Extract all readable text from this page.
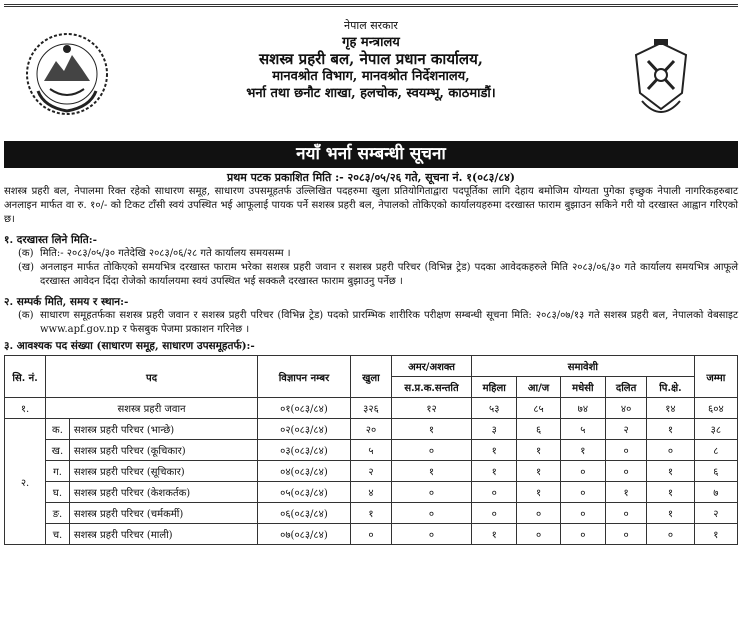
नेपाल सरकार
गृह मन्त्रालय
सशस्त्र प्रहरी बल, नेपाल प्रधान कार्यालय,
मानवश्रोत विभाग, मानवश्रोत निर्देशनालय,
भर्ना तथा छनौट शाखा, हलचोक, स्वयम्भू, काठमाडौं।
नयाँ भर्ना सम्बन्धी सूचना
प्रथम पटक प्रकाशित मिति :- २०८३/०५/२६ गते, सूचना नं. १(०८३/८४)

सशस्त्र प्रहरी बल, नेपालमा रिक्त रहेको साधारण समूह, साधारण उपसमूहतर्फ उल्लिखित पदहरुमा खुला प्रतियोगिताद्वारा पदपूर्तिका लागि देहाय बमोजिम योग्यता पुगेका इच्छुक नेपाली नागरिकहरुबाट अनलाइन मार्फत वा रु. १०/- को टिकट टाँसी स्वयं उपस्थित भई आफूलाई पायक पर्ने सशस्त्र प्रहरी बल, नेपालको तोकिएको कार्यालयहरुमा दरखास्त फाराम बुझाउन सकिने गरी यो दरखास्त आह्वान गरिएको छ।

१. दरखास्त लिने मिति:-
(क) मिति:- २०८३/०५/३० गतेदेखि २०८३/०६/२८ गते कार्यालय समयसम्म ।
(ख) अनलाइन मार्फत तोकिएको समयभित्र दरखास्त फाराम भरेका सशस्त्र प्रहरी जवान र सशस्त्र प्रहरी परिचर (विभिन्न ट्रेड) पदका आवेदकहरुले मिति २०८३/०६/३० गते कार्यालय समयभित्र आफूले दरखास्त आवेदन दिंदा रोजेको कार्यालयमा स्वयं उपस्थित भई सक्कलै दरखास्त फाराम बुझाउनु पर्नेछ ।
२. सम्पर्क मिति, समय र स्थान:-
(क) साधारण समूहतर्फका सशस्त्र प्रहरी जवान र सशस्त्र प्रहरी परिचर (विभिन्न ट्रेड) पदको प्रारम्भिक शारीरिक परीक्षण सम्बन्धी सूचना मिति: २०८३/०७/१३ गते सशस्त्र प्रहरी बल, नेपालको वेबसाइट www.apf.gov.np र फेसबुक पेजमा प्रकाशन गरिनेछ ।
३. आवश्यक पद संख्या (साधारण समूह, साधारण उपसमूहतर्फ):-
सि. नं.	पद		विज्ञापन नम्बर	खुला	अमर/अशक्त	समावेशी					जम्मा
					स.प्र.क.सन्तति	महिला	आ/ज	मधेसी	दलित	पि.क्षे.	
१.	सशस्त्र प्रहरी जवान		०१(०८३/८४)	३२६	१२	५३	८५	७४	४०	१४	६०४
२.	क.	सशस्त्र प्रहरी परिचर (भान्छे)	०२(०८३/८४)	२०	१	३	६	५	२	१	३८
	ख.	सशस्त्र प्रहरी परिचर (कूचिकार)	०३(०८३/८४)	५	०	१	१	१	०	०	८
	ग.	सशस्त्र प्रहरी परिचर (सूचिकार)	०४(०८३/८४)	२	१	१	१	०	०	१	६
	घ.	सशस्त्र प्रहरी परिचर (केशकर्तक)	०५(०८३/८४)	४	०	०	१	०	१	१	७
	ङ.	सशस्त्र प्रहरी परिचर (चर्मकर्मी)	०६(०८३/८४)	१	०	०	०	०	०	१	२
	च.	सशस्त्र प्रहरी परिचर (माली)	०७(०८३/८४)	०	०	१	०	०	०	०	१
